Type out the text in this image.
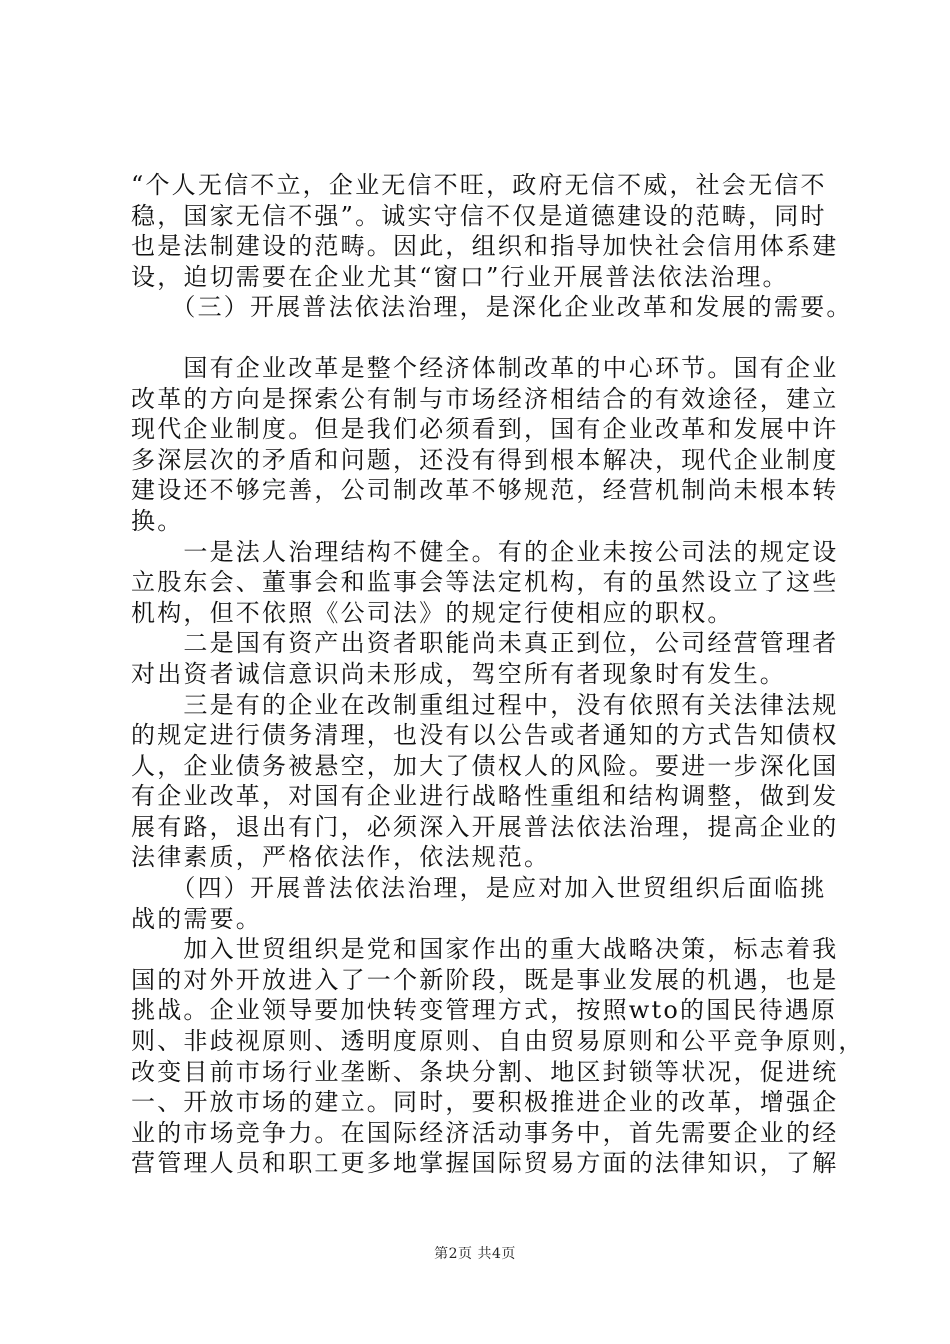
“个人无信不立，企业无信不旺，政府无信不威，社会无信不
稳，国家无信不强”。诚实守信不仅是道德建设的范畴，同时
也是法制建设的范畴。因此，组织和指导加快社会信用体系建
设，迫切需要在企业尤其“窗口”行业开展普法依法治理。
　　（三）开展普法依法治理，是深化企业改革和发展的需要。
　　国有企业改革是整个经济体制改革的中心环节。国有企业
改革的方向是探索公有制与市场经济相结合的有效途径，建立
现代企业制度。但是我们必须看到，国有企业改革和发展中许
多深层次的矛盾和问题，还没有得到根本解决，现代企业制度
建设还不够完善，公司制改革不够规范，经营机制尚未根本转
换。
　　一是法人治理结构不健全。有的企业未按公司法的规定设
立股东会、董事会和监事会等法定机构，有的虽然设立了这些
机构，但不依照《公司法》的规定行使相应的职权。
　　二是国有资产出资者职能尚未真正到位，公司经营管理者
对出资者诚信意识尚未形成，驾空所有者现象时有发生。
　　三是有的企业在改制重组过程中，没有依照有关法律法规
的规定进行债务清理，也没有以公告或者通知的方式告知债权
人，企业债务被悬空，加大了债权人的风险。要进一步深化国
有企业改革，对国有企业进行战略性重组和结构调整，做到发
展有路，退出有门，必须深入开展普法依法治理，提高企业的
法律素质，严格依法作，依法规范。
　　（四）开展普法依法治理，是应对加入世贸组织后面临挑
战的需要。
　　加入世贸组织是党和国家作出的重大战略决策，标志着我
国的对外开放进入了一个新阶段，既是事业发展的机遇，也是
挑战。企业领导要加快转变管理方式，按照wto的国民待遇原
则、非歧视原则、透明度原则、自由贸易原则和公平竞争原则，
改变目前市场行业垄断、条块分割、地区封锁等状况，促进统
一、开放市场的建立。同时，要积极推进企业的改革，增强企
业的市场竞争力。在国际经济活动事务中，首先需要企业的经
营管理人员和职工更多地掌握国际贸易方面的法律知识，了解
第2页 共4页
